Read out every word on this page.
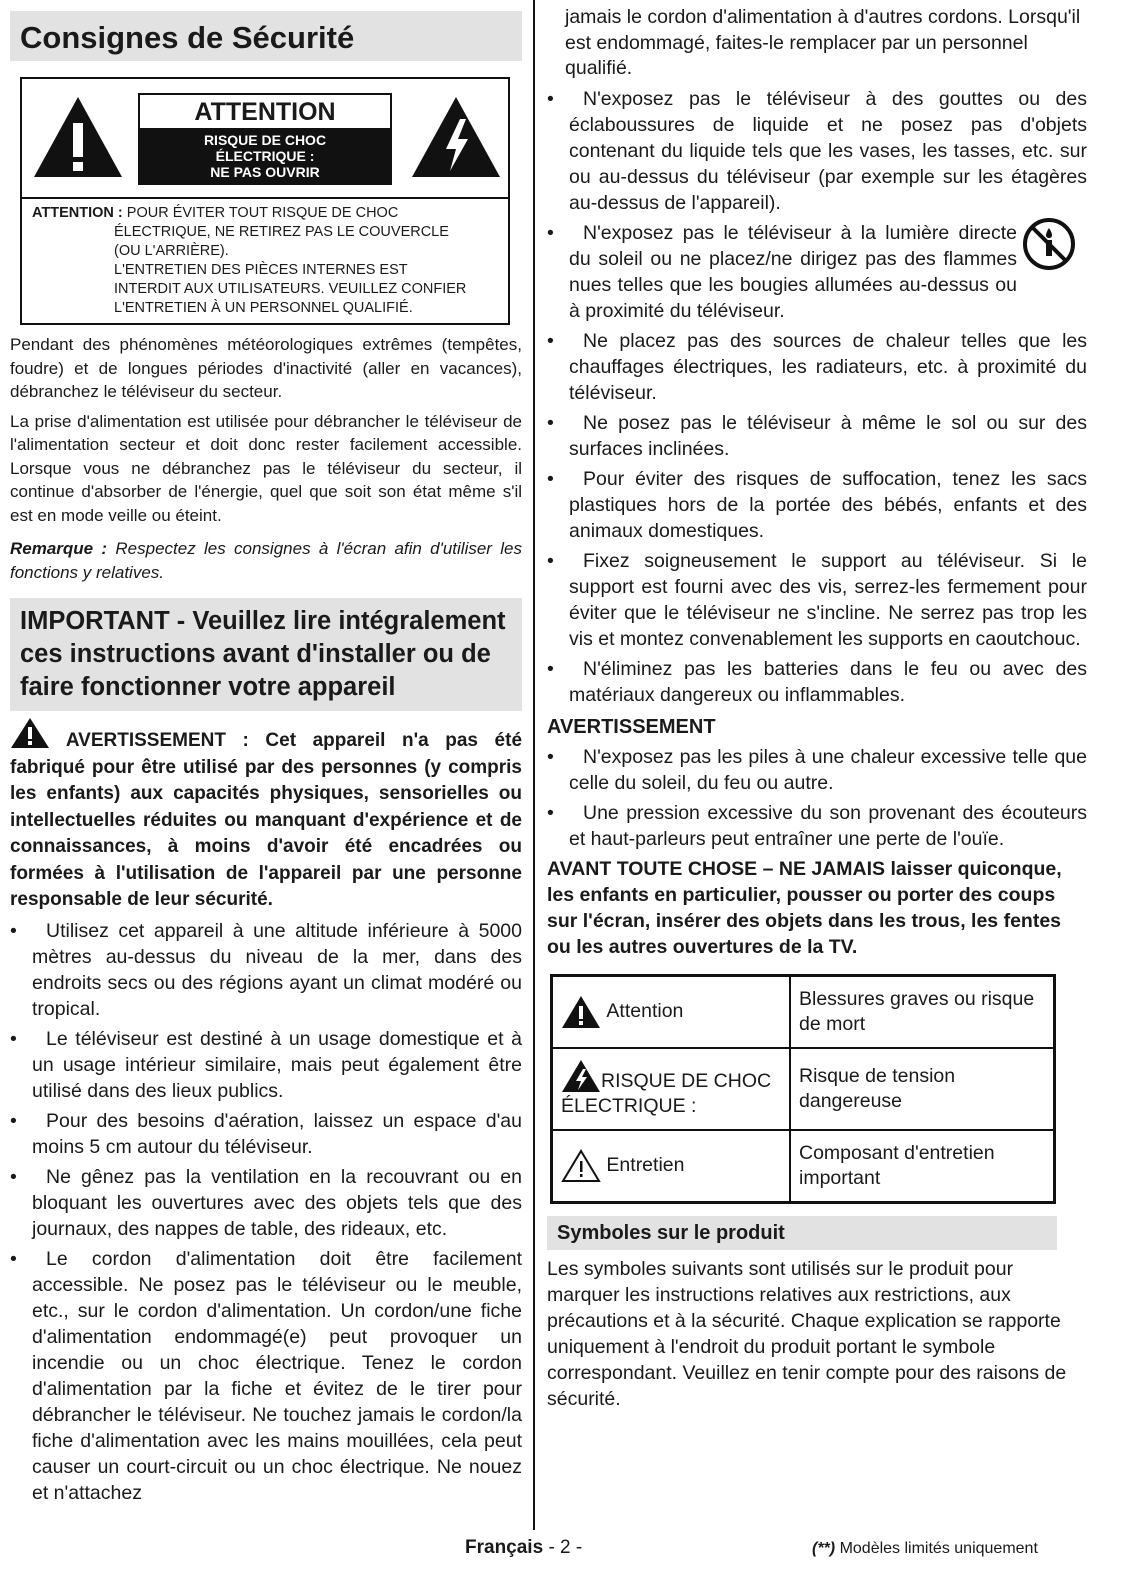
Consignes de Sécurité
ATTENTION
RISQUE DE CHOC
ÉLECTRIQUE :
NE PAS OUVRIR
ATTENTION : POUR ÉVITER TOUT RISQUE DE CHOC
ÉLECTRIQUE, NE RETIREZ PAS LE COUVERCLE
(OU L'ARRIÈRE).
L'ENTRETIEN DES PIÈCES INTERNES EST
INTERDIT AUX UTILISATEURS. VEUILLEZ CONFIER
L'ENTRETIEN À UN PERSONNEL QUALIFIÉ.

Pendant des phénomènes météorologiques extrêmes (tempêtes, foudre) et de longues périodes d'inactivité (aller en vacances), débranchez le téléviseur du secteur.

La prise d'alimentation est utilisée pour débrancher le téléviseur de l'alimentation secteur et doit donc rester facilement accessible. Lorsque vous ne débranchez pas le téléviseur du secteur, il continue d'absorber de l'énergie, quel que soit son état même s'il est en mode veille ou éteint.

Remarque : Respectez les consignes à l'écran afin d'utiliser les fonctions y relatives.

IMPORTANT - Veuillez lire intégralement ces instructions avant d'installer ou de faire fonctionner votre appareil

AVERTISSEMENT : Cet appareil n'a pas été fabriqué pour être utilisé par des personnes (y compris les enfants) aux capacités physiques, sensorielles ou intellectuelles réduites ou manquant d'expérience et de connaissances, à moins d'avoir été encadrées ou formées à l'utilisation de l'appareil par une personne responsable de leur sécurité.

• Utilisez cet appareil à une altitude inférieure à 5000 mètres au-dessus du niveau de la mer, dans des endroits secs ou des régions ayant un climat modéré ou tropical.
• Le téléviseur est destiné à un usage domestique et à un usage intérieur similaire, mais peut également être utilisé dans des lieux publics.
• Pour des besoins d'aération, laissez un espace d'au moins 5 cm autour du téléviseur.
• Ne gênez pas la ventilation en la recouvrant ou en bloquant les ouvertures avec des objets tels que des journaux, des nappes de table, des rideaux, etc.
• Le cordon d'alimentation doit être facilement accessible. Ne posez pas le téléviseur ou le meuble, etc., sur le cordon d'alimentation. Un cordon/une fiche d'alimentation endommagé(e) peut provoquer un incendie ou un choc électrique. Tenez le cordon d'alimentation par la fiche et évitez de le tirer pour débrancher le téléviseur. Ne touchez jamais le cordon/la fiche d'alimentation avec les mains mouillées, cela peut causer un court-circuit ou un choc électrique. Ne nouez et n'attachez

jamais le cordon d'alimentation à d'autres cordons. Lorsqu'il est endommagé, faites-le remplacer par un personnel qualifié.

• N'exposez pas le téléviseur à des gouttes ou des éclaboussures de liquide et ne posez pas d'objets contenant du liquide tels que les vases, les tasses, etc. sur ou au-dessus du téléviseur (par exemple sur les étagères au-dessus de l'appareil).
• N'exposez pas le téléviseur à la lumière directe du soleil ou ne placez/ne dirigez pas des flammes nues telles que les bougies allumées au-dessus ou à proximité du téléviseur.
• Ne placez pas des sources de chaleur telles que les chauffages électriques, les radiateurs, etc. à proximité du téléviseur.
• Ne posez pas le téléviseur à même le sol ou sur des surfaces inclinées.
• Pour éviter des risques de suffocation, tenez les sacs plastiques hors de la portée des bébés, enfants et des animaux domestiques.
• Fixez soigneusement le support au téléviseur. Si le support est fourni avec des vis, serrez-les fermement pour éviter que le téléviseur ne s'incline. Ne serrez pas trop les vis et montez convenablement les supports en caoutchouc.
• N'éliminez pas les batteries dans le feu ou avec des matériaux dangereux ou inflammables.
AVERTISSEMENT
• N'exposez pas les piles à une chaleur excessive telle que celle du soleil, du feu ou autre.
• Une pression excessive du son provenant des écouteurs et haut-parleurs peut entraîner une perte de l'ouïe.

AVANT TOUTE CHOSE – NE JAMAIS laisser quiconque, les enfants en particulier, pousser ou porter des coups sur l'écran, insérer des objets dans les trous, les fentes ou les autres ouvertures de la TV.

Attention	Blessures graves ou risque de mort
RISQUE DE CHOC ÉLECTRIQUE :	Risque de tension dangereuse
Entretien	Composant d'entretien important
Symboles sur le produit

Les symboles suivants sont utilisés sur le produit pour marquer les instructions relatives aux restrictions, aux précautions et à la sécurité. Chaque explication se rapporte uniquement à l'endroit du produit portant le symbole correspondant. Veuillez en tenir compte pour des raisons de sécurité.

Français - 2 -	(**) Modèles limités uniquement
